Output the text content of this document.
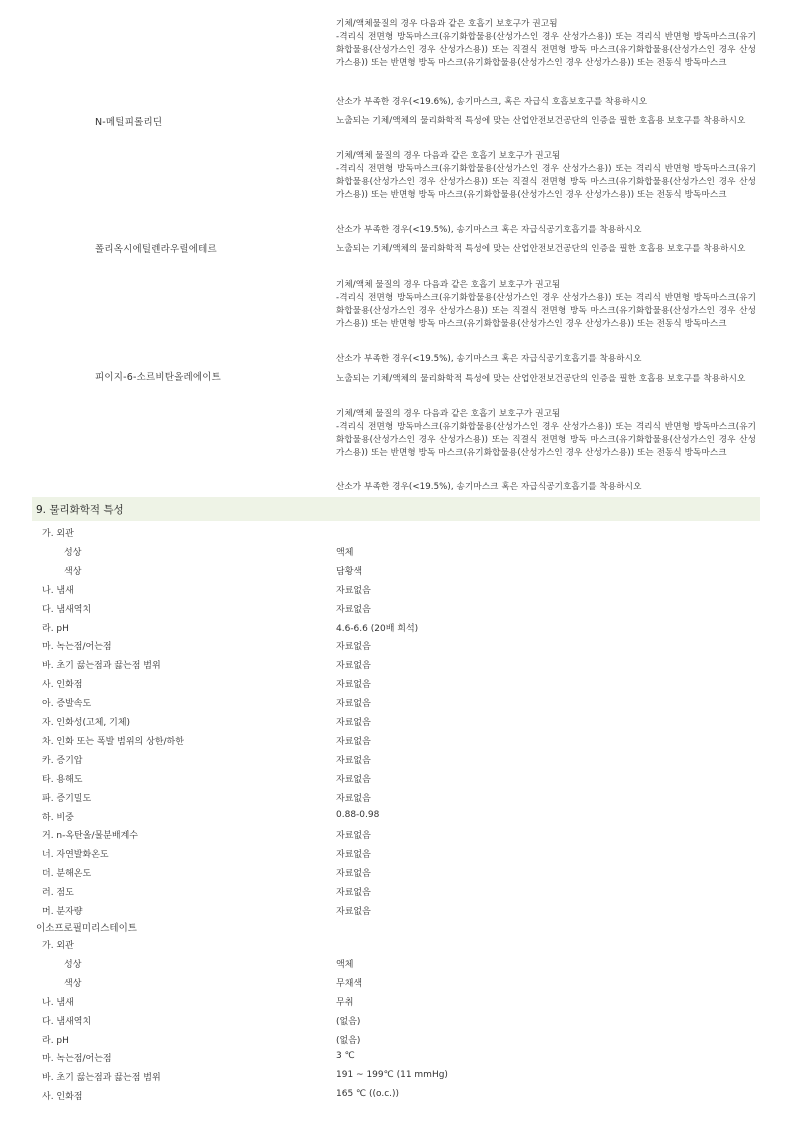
기체/액체물질의 경우 다음과 같은 호흡기 보호구가 권고됨
-격리식 전면형 방독마스크(유기화합물용(산성가스인 경우 산성가스용)) 또는 격리식 반면형 방독마스크(유기화합물용(산성가스인 경우 산성가스용)) 또는 직결식 전면형 방독 마스크(유기화합물용(산성가스인 경우 산성가스용)) 또는 반면형 방독 마스크(유기화합물용(산성가스인 경우 산성가스용)) 또는 전동식 방독마스크
산소가 부족한 경우(<19.6%), 송기마스크, 혹은 자급식 호흡보호구를 착용하시오
N-메틸피롤리딘	노출되는 기체/액체의 물리화학적 특성에 맞는 산업안전보건공단의 인증을 필한 호흡용 보호구를 착용하시오
기체/액체 물질의 경우 다음과 같은 호흡기 보호구가 권고됨
-격리식 전면형 방독마스크(유기화합물용(산성가스인 경우 산성가스용)) 또는 격리식 반면형 방독마스크(유기화합물용(산성가스인 경우 산성가스용)) 또는 직결식 전면형 방독 마스크(유기화합물용(산성가스인 경우 산성가스용)) 또는 반면형 방독 마스크(유기화합물용(산성가스인 경우 산성가스용)) 또는 전동식 방독마스크
산소가 부족한 경우(<19.5%), 송기마스크 혹은 자급식공기호흡기를 착용하시오
폴리옥시에틸렌라우릴에테르	노출되는 기체/액체의 물리화학적 특성에 맞는 산업안전보건공단의 인증을 필한 호흡용 보호구를 착용하시오
기체/액체 물질의 경우 다음과 같은 호흡기 보호구가 권고됨
-격리식 전면형 방독마스크(유기화합물용(산성가스인 경우 산성가스용)) 또는 격리식 반면형 방독마스크(유기화합물용(산성가스인 경우 산성가스용)) 또는 직결식 전면형 방독 마스크(유기화합물용(산성가스인 경우 산성가스용)) 또는 반면형 방독 마스크(유기화합물용(산성가스인 경우 산성가스용)) 또는 전동식 방독마스크
산소가 부족한 경우(<19.5%), 송기마스크 혹은 자급식공기호흡기를 착용하시오
피이지-6-소르비탄올레에이트	노출되는 기체/액체의 물리화학적 특성에 맞는 산업안전보건공단의 인증을 필한 호흡용 보호구를 착용하시오
기체/액체 물질의 경우 다음과 같은 호흡기 보호구가 권고됨
-격리식 전면형 방독마스크(유기화합물용(산성가스인 경우 산성가스용)) 또는 격리식 반면형 방독마스크(유기화합물용(산성가스인 경우 산성가스용)) 또는 직결식 전면형 방독 마스크(유기화합물용(산성가스인 경우 산성가스용)) 또는 반면형 방독 마스크(유기화합물용(산성가스인 경우 산성가스용)) 또는 전동식 방독마스크
산소가 부족한 경우(<19.5%), 송기마스크 혹은 자급식공기호흡기를 착용하시오
9. 물리화학적 특성
가. 외관
성상	액체
색상	담황색
나. 냄새	자료없음
다. 냄새역치	자료없음
라. pH	4.6-6.6 (20배 희석)
마. 녹는점/어는점	자료없음
바. 초기 끓는점과 끓는점 범위	자료없음
사. 인화점	자료없음
아. 증발속도	자료없음
자. 인화성(고체, 기체)	자료없음
차. 인화 또는 폭발 범위의 상한/하한	자료없음
카. 증기압	자료없음
타. 용해도	자료없음
파. 증기밀도	자료없음
하. 비중	0.88-0.98
거. n-옥탄올/물분배계수	자료없음
너. 자연발화온도	자료없음
더. 분해온도	자료없음
러. 점도	자료없음
머. 분자량	자료없음
이소프로필미리스테이트
가. 외관
성상	액체
색상	무채색
나. 냄새	무취
다. 냄새역치	(없음)
라. pH	(없음)
마. 녹는점/어는점	3 ℃
바. 초기 끓는점과 끓는점 범위	191 ~ 199℃ (11 mmHg)
사. 인화점	165 ℃ ((o.c.))
